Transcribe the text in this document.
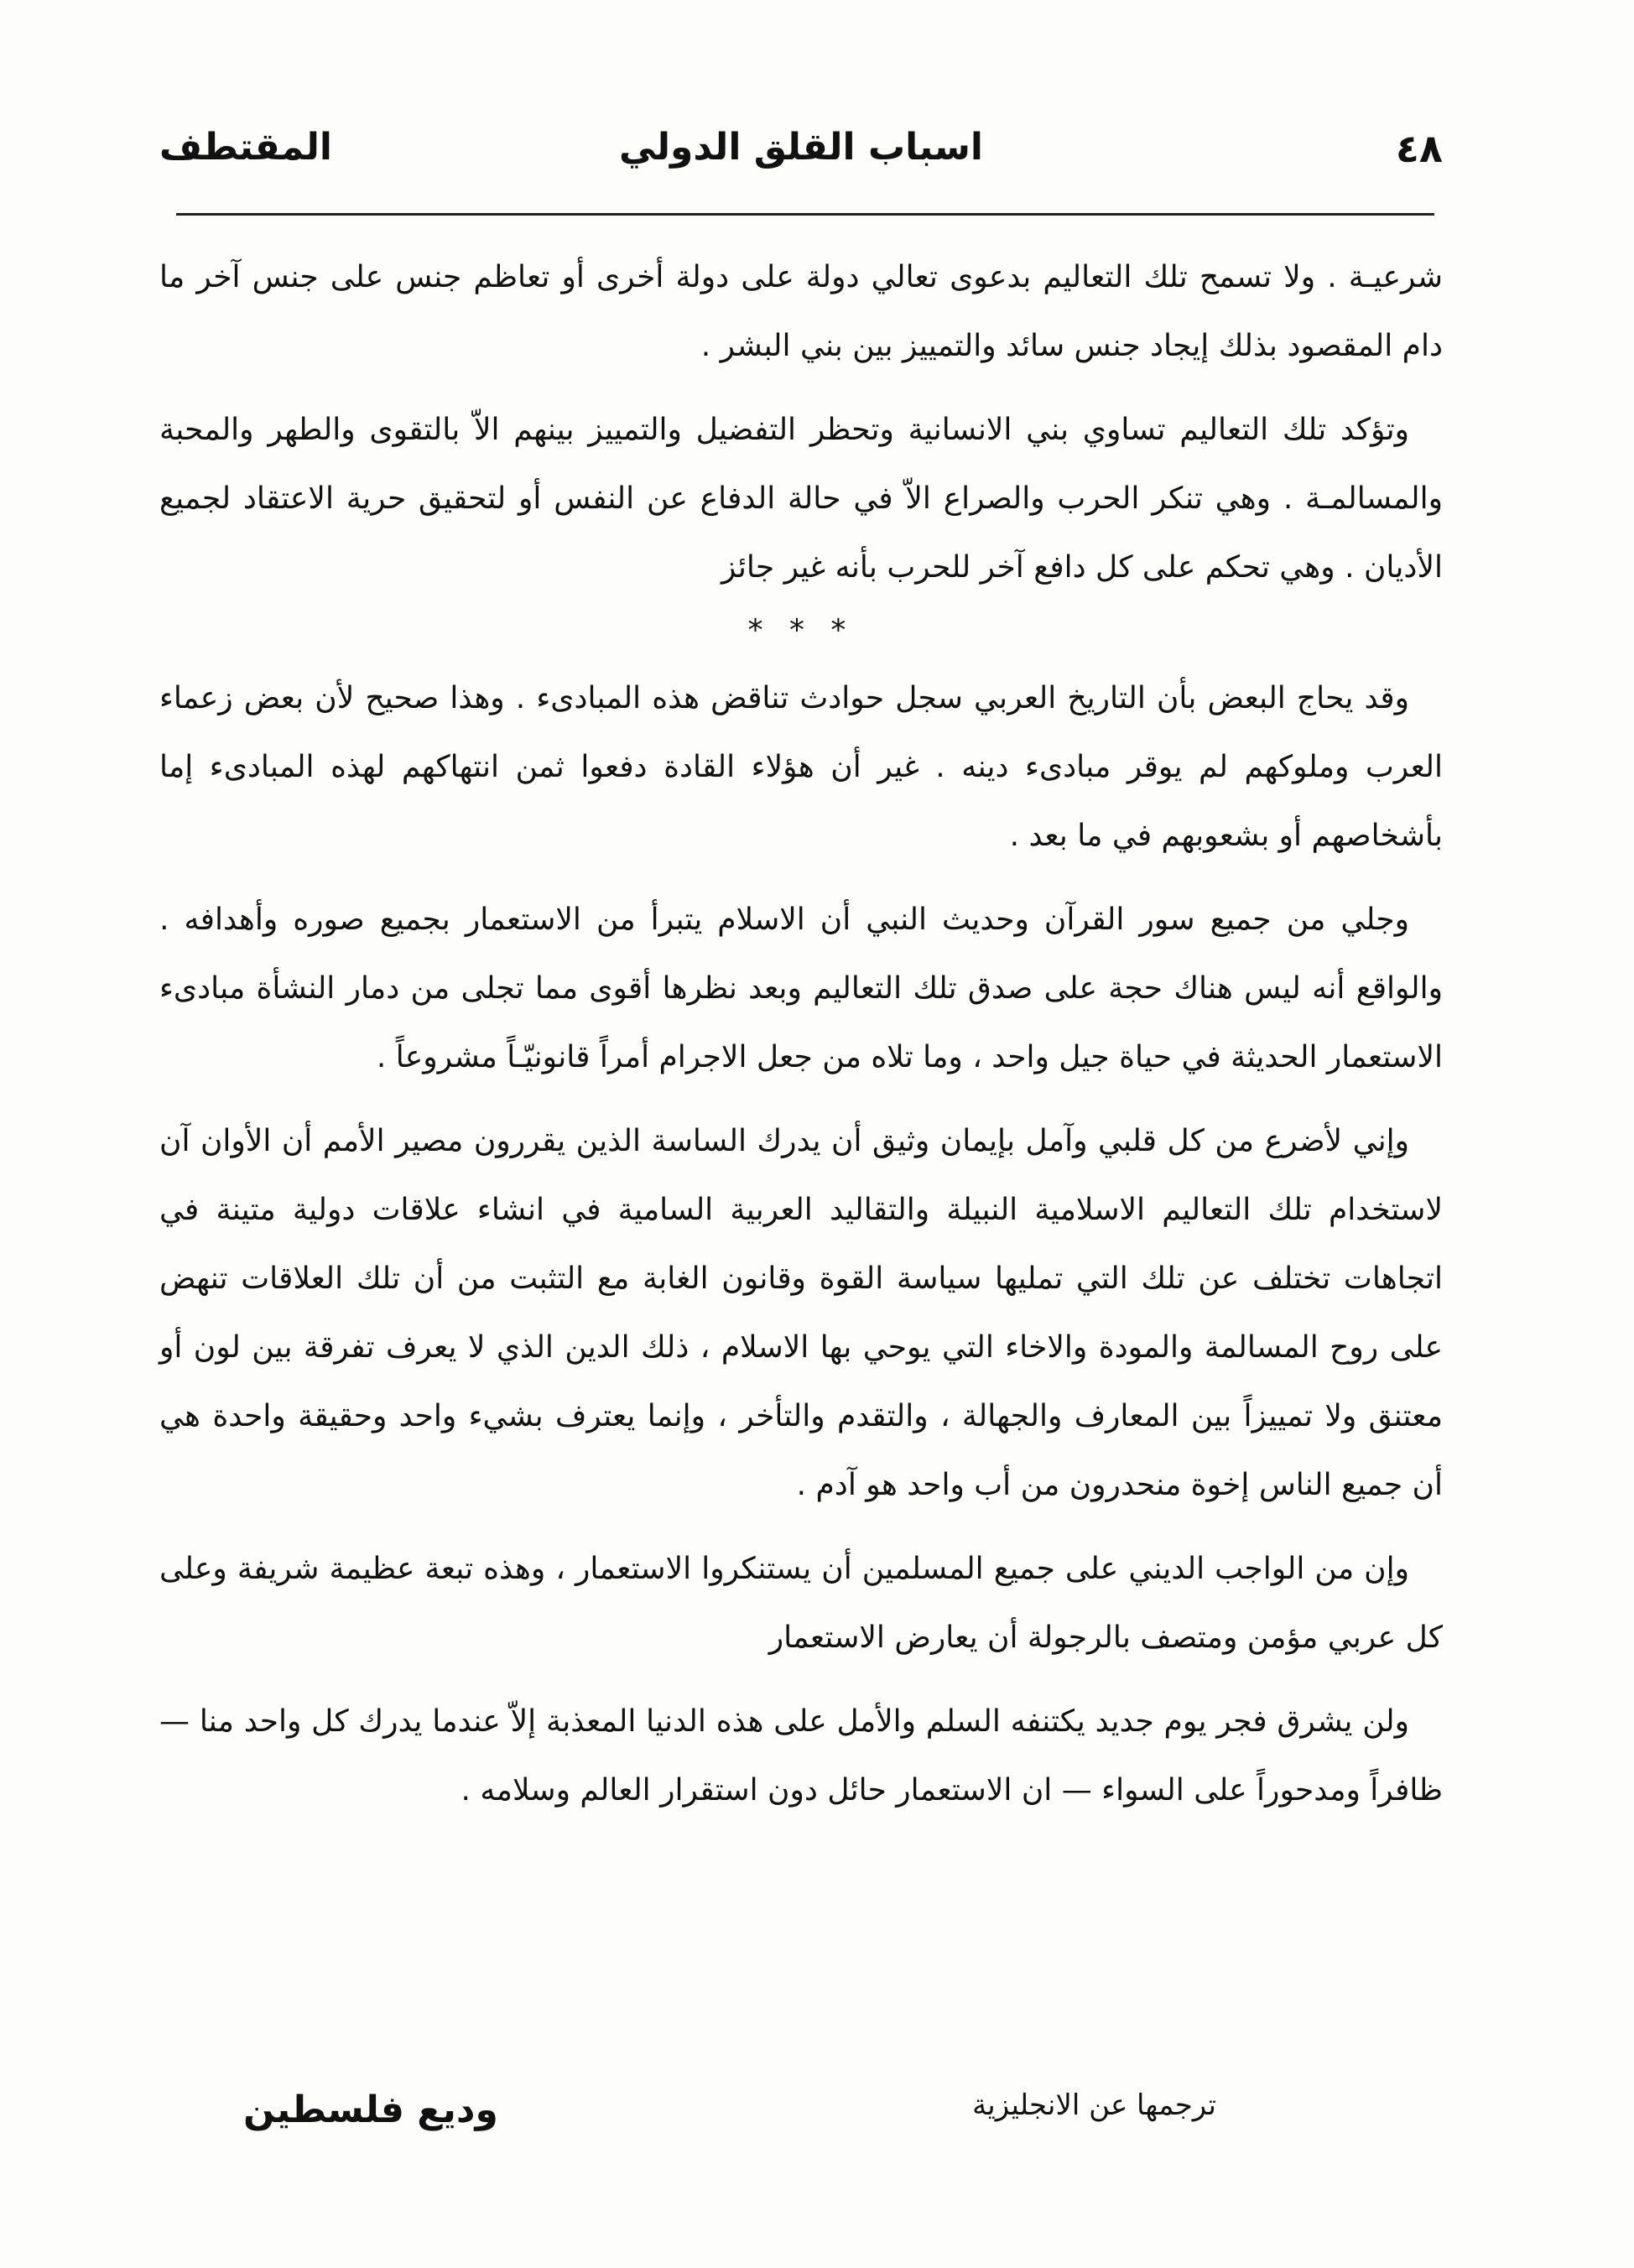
٤٨
اسباب القلق الدولي
المقتطف

شرعيـة . ولا تسمح تلك التعاليم بدعوى تعالي دولة على دولة أخرى أو تعاظم جنس على جنس آخر ما دام المقصود بذلك إيجاد جنس سائد والتمييز بين بني البشر .

وتؤكد تلك التعاليم تساوي بني الانسانية وتحظر التفضيل والتمييز بينهم الاّ بالتقوى والطهر والمحبة والمسالمـة . وهي تنكر الحرب والصراع الاّ في حالة الدفاع عن النفس أو لتحقيق حرية الاعتقاد لجميع الأديان . وهي تحكم على كل دافع آخر للحرب بأنه غير جائز

* * *

وقد يحاج البعض بأن التاريخ العربي سجل حوادث تناقض هذه المبادىء . وهذا صحيح لأن بعض زعماء العرب وملوكهم لم يوقر مبادىء دينه . غير أن هؤلاء القادة دفعوا ثمن انتهاكهم لهذه المبادىء إما بأشخاصهم أو بشعوبهم في ما بعد .

وجلي من جميع سور القرآن وحديث النبي أن الاسلام يتبرأ من الاستعمار بجميع صوره وأهدافه . والواقع أنه ليس هناك حجة على صدق تلك التعاليم وبعد نظرها أقوى مما تجلى من دمار النشأة مبادىء الاستعمار الحديثة في حياة جيل واحد ، وما تلاه من جعل الاجرام أمراً قانونيّـاً مشروعاً .

وإني لأضرع من كل قلبي وآمل بإيمان وثيق أن يدرك الساسة الذين يقررون مصير الأمم أن الأوان آن لاستخدام تلك التعاليم الاسلامية النبيلة والتقاليد العربية السامية في انشاء علاقات دولية متينة في اتجاهات تختلف عن تلك التي تمليها سياسة القوة وقانون الغابة مع التثبت من أن تلك العلاقات تنهض على روح المسالمة والمودة والاخاء التي يوحي بها الاسلام ، ذلك الدين الذي لا يعرف تفرقة بين لون أو معتنق ولا تمييزاً بين المعارف والجهالة ، والتقدم والتأخر ، وإنما يعترف بشيء واحد وحقيقة واحدة هي أن جميع الناس إخوة منحدرون من أب واحد هو آدم .

وإن من الواجب الديني على جميع المسلمين أن يستنكروا الاستعمار ، وهذه تبعة عظيمة شريفة وعلى كل عربي مؤمن ومتصف بالرجولة أن يعارض الاستعمار

ولن يشرق فجر يوم جديد يكتنفه السلم والأمل على هذه الدنيا المعذبة إلاّ عندما يدرك كل واحد منا — ظافراً ومدحوراً على السواء — ان الاستعمار حائل دون استقرار العالم وسلامه .

ترجمها عن الانجليزية
وديع فلسطين
